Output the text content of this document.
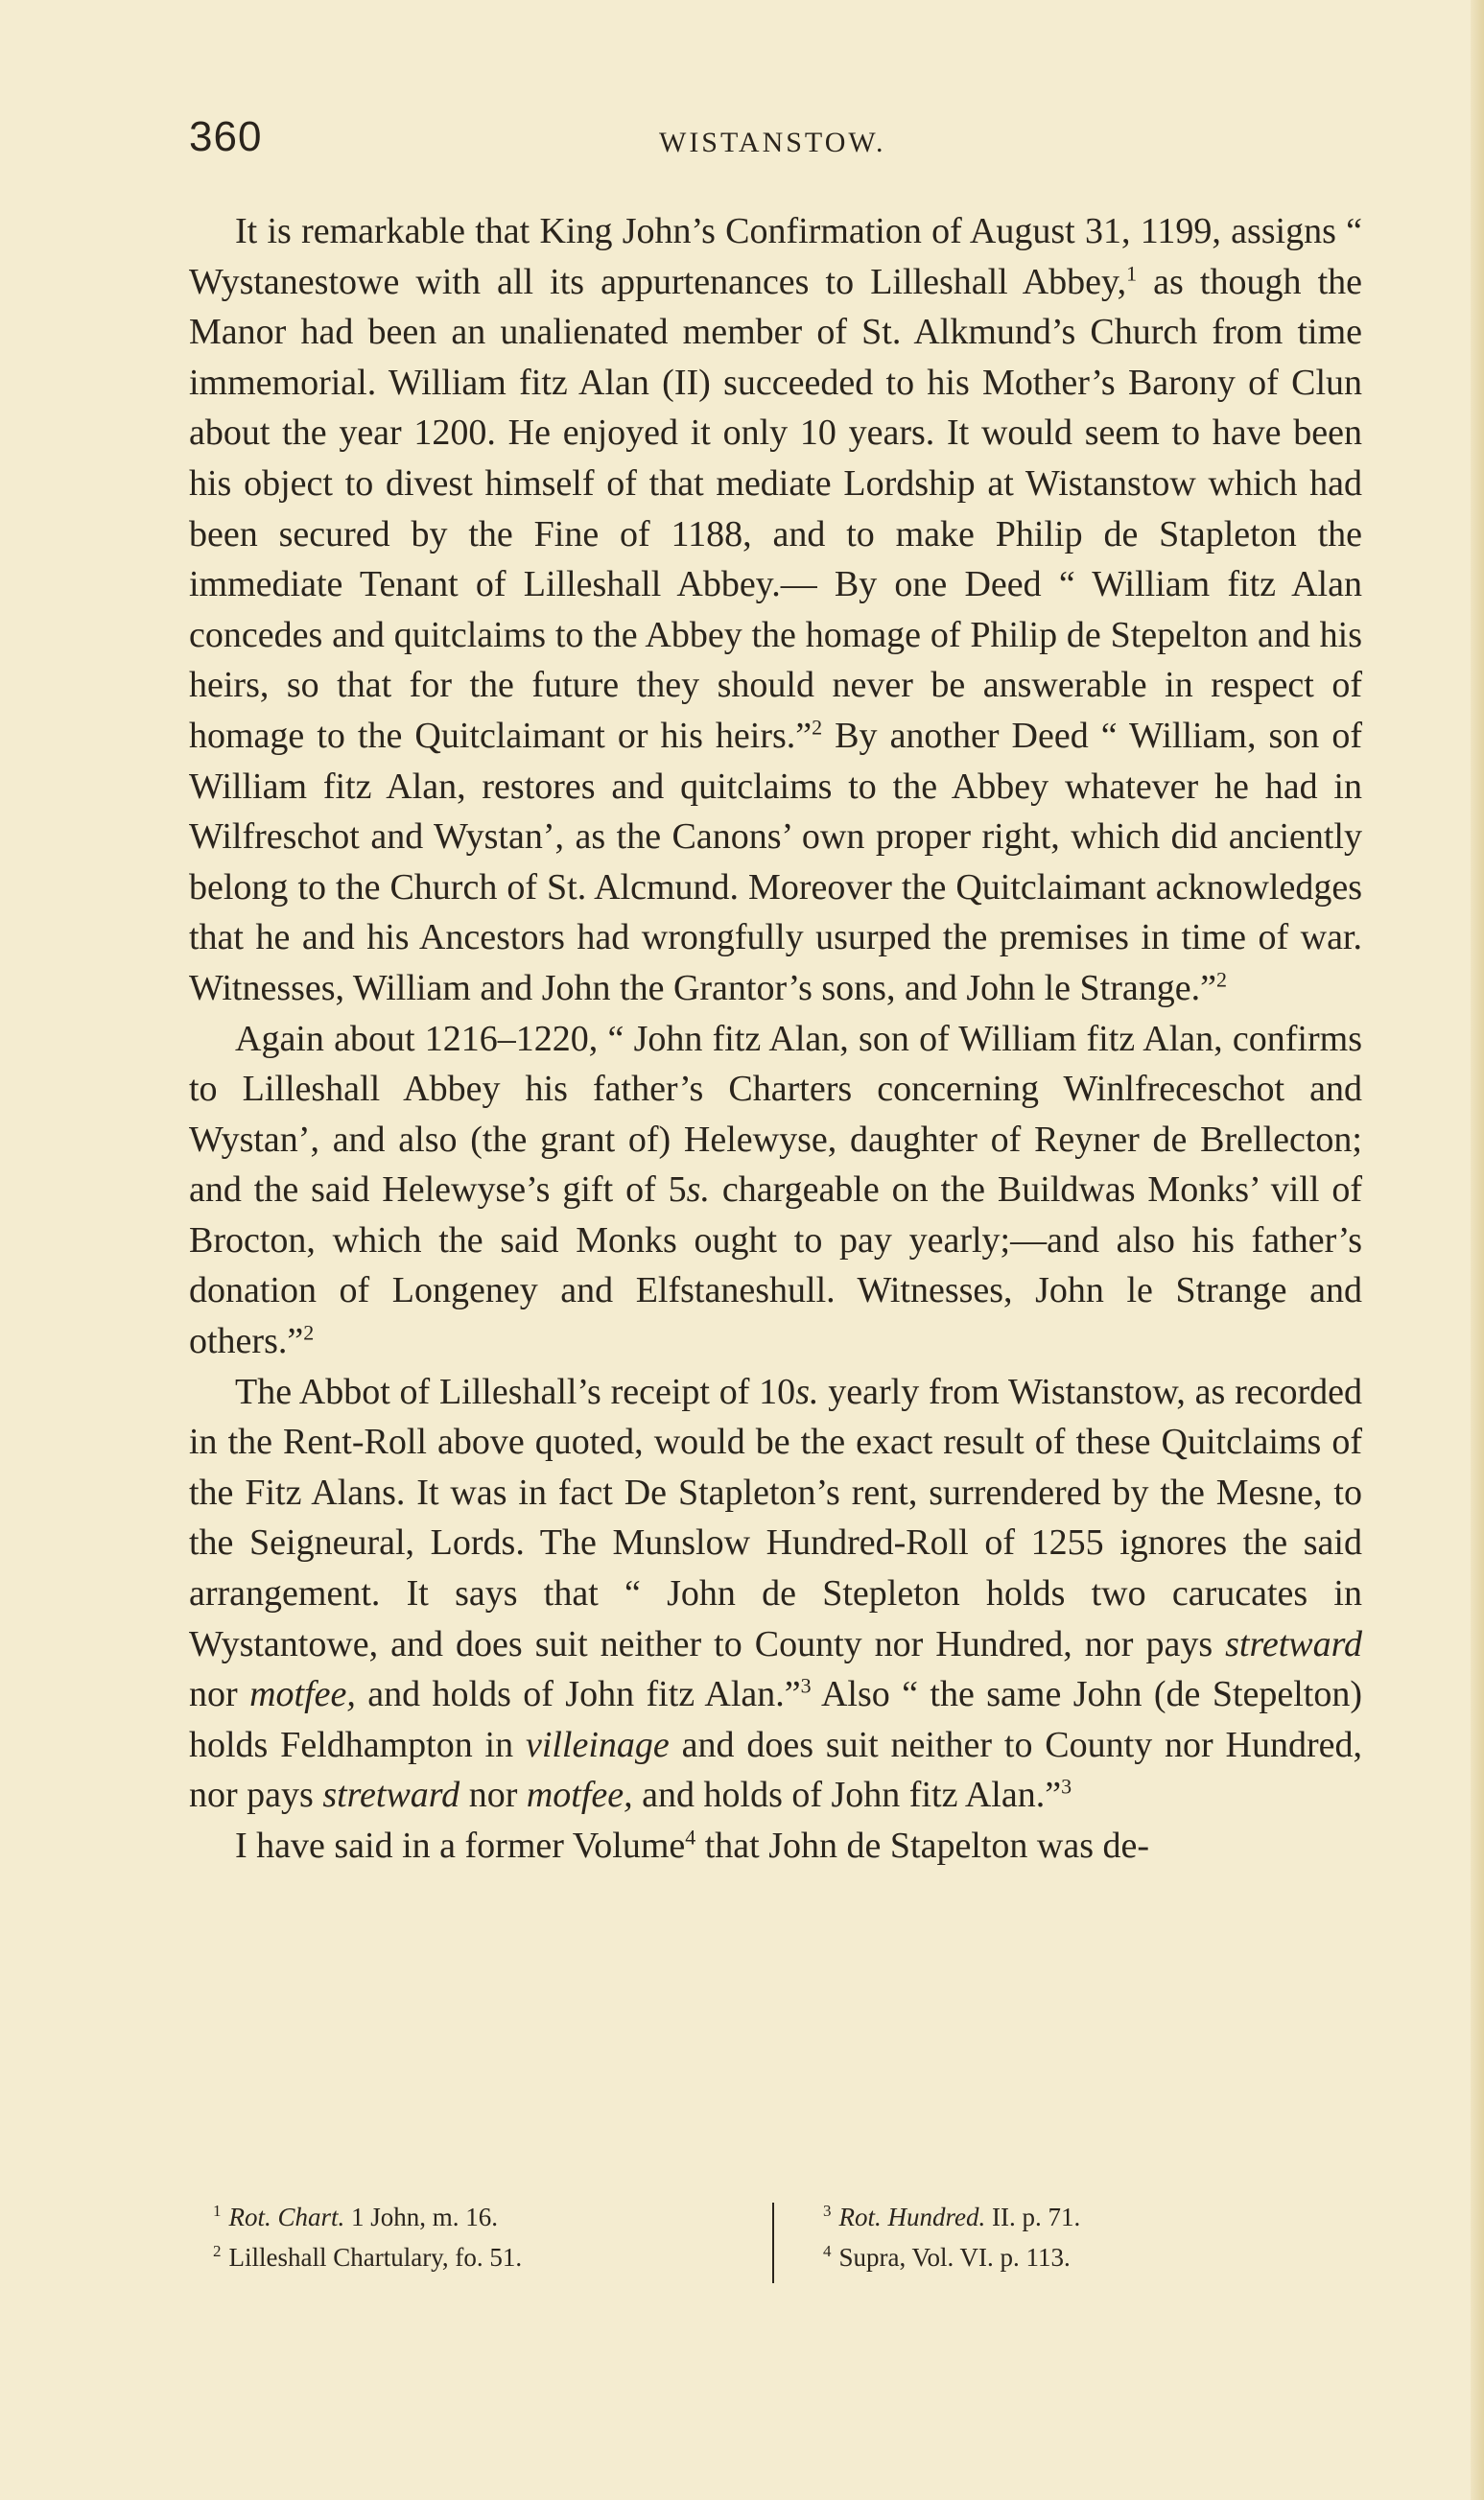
360	WISTANSTOW.

It is remarkable that King John’s Confirmation of August 31, 1199, assigns “ Wystanestowe with all its appurtenances to Lilleshall Abbey,$^1$ as though the Manor had been an unalienated member of St. Alkmund’s Church from time immemorial. William fitz Alan (II) succeeded to his Mother’s Barony of Clun about the year 1200. He enjoyed it only 10 years. It would seem to have been his object to divest himself of that mediate Lordship at Wistanstow which had been secured by the Fine of 1188, and to make Philip de Stapleton the immediate Tenant of Lilleshall Abbey.— By one Deed “ William fitz Alan concedes and quitclaims to the Abbey the homage of Philip de Stepelton and his heirs, so that for the future they should never be answerable in respect of homage to the Quitclaimant or his heirs.”$^2$ By another Deed “ William, son of William fitz Alan, restores and quitclaims to the Abbey whatever he had in Wilfreschot and Wystan’, as the Canons’ own proper right, which did anciently belong to the Church of St. Alcmund. Moreover the Quitclaimant acknowledges that he and his Ancestors had wrongfully usurped the premises in time of war. Witnesses, William and John the Grantor’s sons, and John le Strange.”$^2$

Again about 1216–1220, “ John fitz Alan, son of William fitz Alan, confirms to Lilleshall Abbey his father’s Charters concerning Winlfreceschot and Wystan’, and also (the grant of) Helewyse, daughter of Reyner de Brellecton; and the said Helewyse’s gift of 5s. chargeable on the Buildwas Monks’ vill of Brocton, which the said Monks ought to pay yearly;—and also his father’s donation of Longeney and Elfstaneshull. Witnesses, John le Strange and others.”$^2$

The Abbot of Lilleshall’s receipt of 10s. yearly from Wistanstow, as recorded in the Rent-Roll above quoted, would be the exact result of these Quitclaims of the Fitz Alans. It was in fact De Stapleton’s rent, surrendered by the Mesne, to the Seigneural, Lords. The Munslow Hundred-Roll of 1255 ignores the said arrangement. It says that “ John de Stepleton holds two carucates in Wystantowe, and does suit neither to County nor Hundred, nor pays stretward nor motfee, and holds of John fitz Alan.”$^3$ Also “ the same John (de Stepelton) holds Feldhampton in villeinage and does suit neither to County nor Hundred, nor pays stretward nor motfee, and holds of John fitz Alan.”$^3$

I have said in a former Volume$^4$ that John de Stapelton was de-

$^1$ Rot. Chart. 1 John, m. 16.
$^2$ Lilleshall Chartulary, fo. 51.
$^3$ Rot. Hundred. II. p. 71.
$^4$ Supra, Vol. VI. p. 113.
